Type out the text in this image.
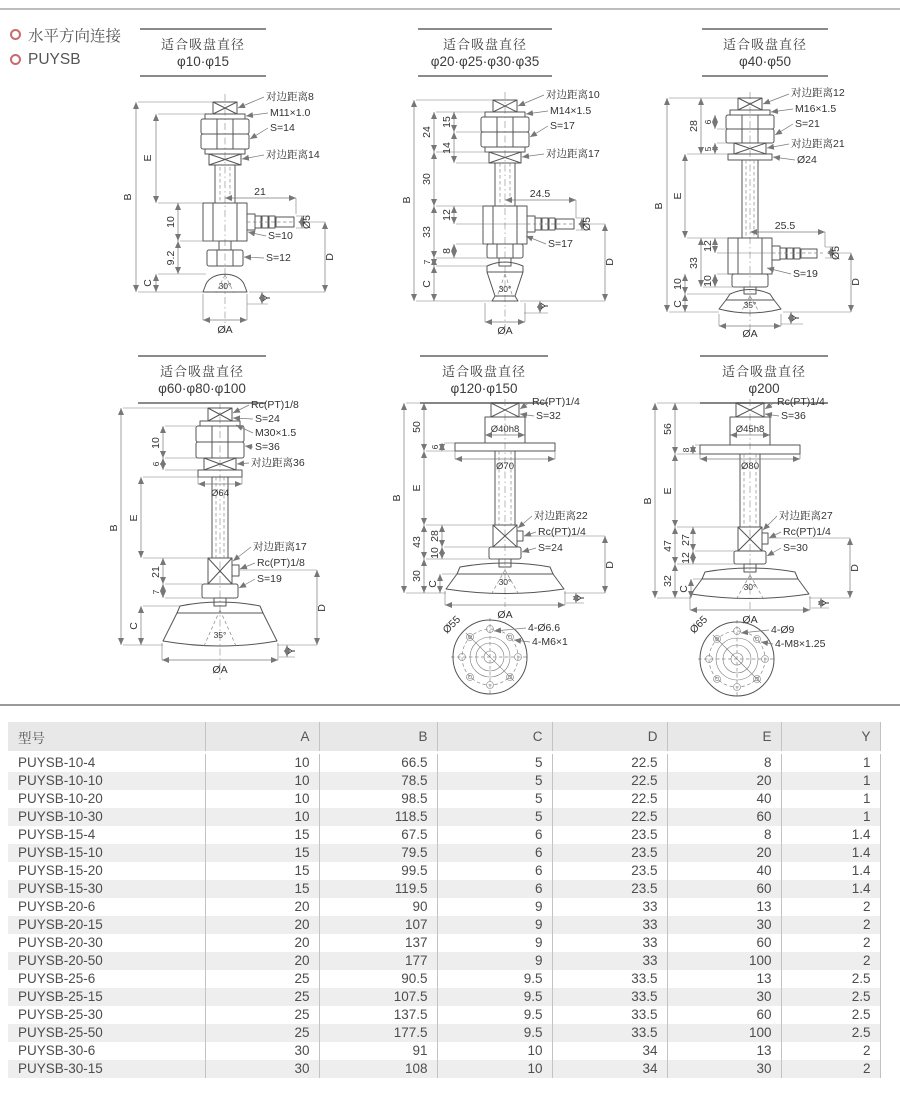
水平方向连接
PUYSB
适合吸盘直径
φ10·φ15
适合吸盘直径
φ20·φ25·φ30·φ35
适合吸盘直径
φ40·φ50
适合吸盘直径
φ60·φ80·φ100
适合吸盘直径
φ120·φ150
适合吸盘直径
φ200
对边距离8
M11×1.0
S=14
对边距离14
21
S=10
Ø5
S=12
10
9.2
B
E
C
D
Y
30°
ØA
对边距离10
M14×1.5
S=17
对边距离17
24.5
Ø5
S=17
B
24
15
14
30
33
12
8
7
C
D
Y
30°
ØA
对边距离12
M16×1.5
S=21
对边距离21
Ø24
25.5
Ø5
S=19
B
28 6
5
E
33
12
10
10
C
D
Y
35°
ØA
Rc(PT)1/8
S=24
M30×1.5
S=36
对边距离36
Ø64
对边距离17
Rc(PT)1/8
S=19
B
E
10
6
21
7
C
D
Y
35°
ØA
Rc(PT)1/4
S=32
Ø40h8
Ø70
对边距离22
Rc(PT)1/4
S=24
B
50
E
43
30
C
6
28
10
D
Y
30°
ØA
4-Ø6.6
4-M6×1
Ø55
Rc(PT)1/4
S=36
Ø45h8
Ø80
对边距离27
Rc(PT)1/4
S=30
B
56
E
47
32
C
8
27
12
D
Y
30°
ØA
4-Ø9
4-M8×1.25
Ø65
型号	A	B	C	D	E	Y
PUYSB-10-4	10	66.5	5	22.5	8	1
PUYSB-10-10	10	78.5	5	22.5	20	1
PUYSB-10-20	10	98.5	5	22.5	40	1
PUYSB-10-30	10	118.5	5	22.5	60	1
PUYSB-15-4	15	67.5	6	23.5	8	1.4
PUYSB-15-10	15	79.5	6	23.5	20	1.4
PUYSB-15-20	15	99.5	6	23.5	40	1.4
PUYSB-15-30	15	119.5	6	23.5	60	1.4
PUYSB-20-6	20	90	9	33	13	2
PUYSB-20-15	20	107	9	33	30	2
PUYSB-20-30	20	137	9	33	60	2
PUYSB-20-50	20	177	9	33	100	2
PUYSB-25-6	25	90.5	9.5	33.5	13	2.5
PUYSB-25-15	25	107.5	9.5	33.5	30	2.5
PUYSB-25-30	25	137.5	9.5	33.5	60	2.5
PUYSB-25-50	25	177.5	9.5	33.5	100	2.5
PUYSB-30-6	30	91	10	34	13	2
PUYSB-30-15	30	108	10	34	30	2
